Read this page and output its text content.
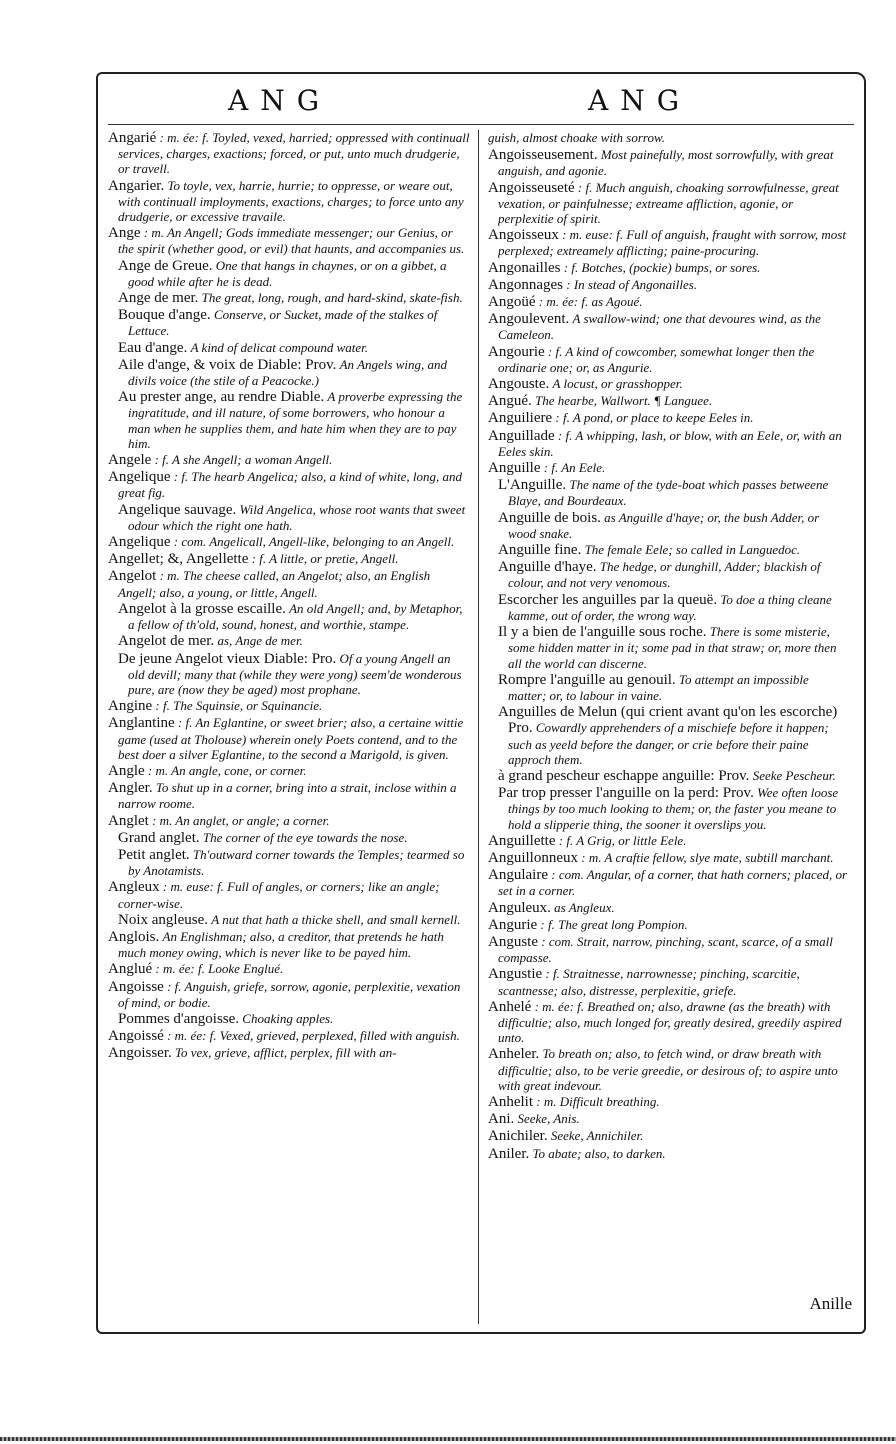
ANG	ANG
Angarié : m. ée: f. Toyled, vexed, harried; oppressed with continuall services, charges, exactions; forced, or put, unto much drudgerie, or travell.
Angarier. To toyle, vex, harrie, hurrie; to oppresse, or weare out, with continuall imployments, exactions, charges; to force unto any drudgerie, or excessive travaile.
Ange : m. An Angell; Gods immediate messenger; our Genius, or the spirit (whether good, or evil) that haunts, and accompanies us.
Ange de Greue. One that hangs in chaynes, or on a gibbet, a good while after he is dead.
Ange de mer. The great, long, rough, and hard-skind, skate-fish.
Bouque d'ange. Conserve, or Sucket, made of the stalkes of Lettuce.
Eau d'ange. A kind of delicat compound water.
Aile d'ange, & voix de Diable: Prov. An Angels wing, and divils voice (the stile of a Peacocke.)
Au prester ange, au rendre Diable. A proverbe expressing the ingratitude, and ill nature, of some borrowers, who honour a man when he supplies them, and hate him when they are to pay him.
Angele : f. A she Angell; a woman Angell.
Angelique : f. The hearb Angelica; also, a kind of white, long, and great fig.
Angelique sauvage. Wild Angelica, whose root wants that sweet odour which the right one hath.
Angelique : com. Angelicall, Angell-like, belonging to an Angell.
Angellet; &, Angellette : f. A little, or pretie, Angell.
Angelot : m. The cheese called, an Angelot; also, an English Angell; also, a young, or little, Angell.
Angelot à la grosse escaille. An old Angell; and, by Metaphor, a fellow of th'old, sound, honest, and worthie, stampe.
Angelot de mer. as, Ange de mer.
De jeune Angelot vieux Diable: Pro. Of a young Angell an old devill; many that (while they were yong) seem'de wonderous pure, are (now they be aged) most prophane.
Angine : f. The Squinsie, or Squinancie.
Anglantine : f. An Eglantine, or sweet brier; also, a certaine wittie game (used at Tholouse) wherein onely Poets contend, and to the best doer a silver Eglantine, to the second a Marigold, is given.
Angle : m. An angle, cone, or corner.
Angler. To shut up in a corner, bring into a strait, inclose within a narrow roome.
Anglet : m. An anglet, or angle; a corner.
Grand anglet. The corner of the eye towards the nose.
Petit anglet. Th'outward corner towards the Temples; tearmed so by Anotamists.
Angleux : m. euse: f. Full of angles, or corners; like an angle; corner-wise.
Noix angleuse. A nut that hath a thicke shell, and small kernell.
Anglois. An Englishman; also, a creditor, that pretends he hath much money owing, which is never like to be payed him.
Anglué : m. ée: f. Looke Englué.
Angoisse : f. Anguish, griefe, sorrow, agonie, perplexitie, vexation of mind, or bodie.
Pommes d'angoisse. Choaking apples.
Angoissé : m. ée: f. Vexed, grieved, perplexed, filled with anguish.
Angoisser. To vex, grieve, afflict, perplex, fill with an-
guish, almost choake with sorrow.
Angoisseusement. Most painefully, most sorrowfully, with great anguish, and agonie.
Angoisseuseté : f. Much anguish, choaking sorrowfulnesse, great vexation, or painfulnesse; extreame affliction, agonie, or perplexitie of spirit.
Angoisseux : m. euse: f. Full of anguish, fraught with sorrow, most perplexed; extreamely afflicting; paine-procuring.
Angonailles : f. Botches, (pockie) bumps, or sores.
Angonnages : In stead of Angonailles.
Angoüé : m. ée: f. as Agoué.
Angoulevent. A swallow-wind; one that devoures wind, as the Cameleon.
Angourie : f. A kind of cowcomber, somewhat longer then the ordinarie one; or, as Angurie.
Angouste. A locust, or grasshopper.
Angué. The hearbe, Wallwort. ¶ Languee.
Anguiliere : f. A pond, or place to keepe Eeles in.
Anguillade : f. A whipping, lash, or blow, with an Eele, or, with an Eeles skin.
Anguille : f. An Eele.
L'Anguille. The name of the tyde-boat which passes betweene Blaye, and Bourdeaux.
Anguille de bois. as Anguille d'haye; or, the bush Adder, or wood snake.
Anguille fine. The female Eele; so called in Languedoc.
Anguille d'haye. The hedge, or dunghill, Adder; blackish of colour, and not very venomous.
Escorcher les anguilles par la queuë. To doe a thing cleane kamme, out of order, the wrong way.
Il y a bien de l'anguille sous roche. There is some misterie, some hidden matter in it; some pad in that straw; or, more then all the world can discerne.
Rompre l'anguille au genouil. To attempt an impossible matter; or, to labour in vaine.
Anguilles de Melun (qui crient avant qu'on les escorche) Pro. Cowardly apprehenders of a mischiefe before it happen; such as yeeld before the danger, or crie before their paine approch them.
à grand pescheur eschappe anguille: Prov. Seeke Pescheur.
Par trop presser l'anguille on la perd: Prov. Wee often loose things by too much looking to them; or, the faster you meane to hold a slipperie thing, the sooner it overslips you.
Anguillette : f. A Grig, or little Eele.
Anguillonneux : m. A craftie fellow, slye mate, subtill marchant.
Angulaire : com. Angular, of a corner, that hath corners; placed, or set in a corner.
Anguleux. as Angleux.
Angurie : f. The great long Pompion.
Anguste : com. Strait, narrow, pinching, scant, scarce, of a small compasse.
Angustie : f. Straitnesse, narrownesse; pinching, scarcitie, scantnesse; also, distresse, perplexitie, griefe.
Anhelé : m. ée: f. Breathed on; also, drawne (as the breath) with difficultie; also, much longed for, greatly desired, greedily aspired unto.
Anheler. To breath on; also, to fetch wind, or draw breath with difficultie; also, to be verie greedie, or desirous of; to aspire unto with great indevour.
Anhelit : m. Difficult breathing.
Ani. Seeke, Anis.
Anichiler. Seeke, Annichiler.
Aniler. To abate; also, to darken.
Anille
